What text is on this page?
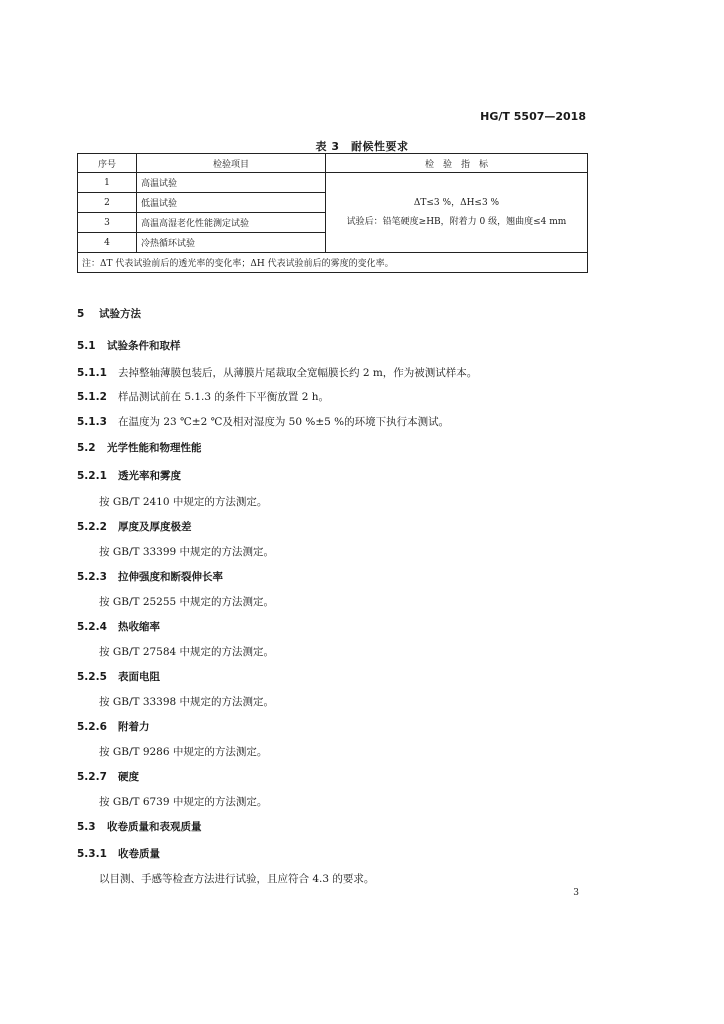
HG/T 5507—2018
表 3　耐候性要求
序号	检验项目	检　验　指　标
1	高温试验	ΔT≤3 %，ΔH≤3 %
试验后：铅笔硬度≥HB，附着力 0 级，翘曲度≤4 mm

2	低温试验	
3	高温高湿老化性能测定试验	
4	冷热循环试验	
注：ΔT 代表试验前后的透光率的变化率；ΔH 代表试验前后的雾度的变化率。		
5 试验方法
5.1 试验条件和取样
5.1.1 去掉整轴薄膜包装后，从薄膜片尾裁取全宽幅膜长约 2 m，作为被测试样本。
5.1.2 样品测试前在 5.1.3 的条件下平衡放置 2 h。
5.1.3 在温度为 23 ℃±2 ℃及相对湿度为 50 %±5 %的环境下执行本测试。
5.2 光学性能和物理性能
5.2.1 透光率和雾度
按 GB/T 2410 中规定的方法测定。
5.2.2 厚度及厚度极差
按 GB/T 33399 中规定的方法测定。
5.2.3 拉伸强度和断裂伸长率
按 GB/T 25255 中规定的方法测定。
5.2.4 热收缩率
按 GB/T 27584 中规定的方法测定。
5.2.5 表面电阻
按 GB/T 33398 中规定的方法测定。
5.2.6 附着力
按 GB/T 9286 中规定的方法测定。
5.2.7 硬度
按 GB/T 6739 中规定的方法测定。
5.3 收卷质量和表观质量
5.3.1 收卷质量
以目测、手感等检查方法进行试验，且应符合 4.3 的要求。
3
